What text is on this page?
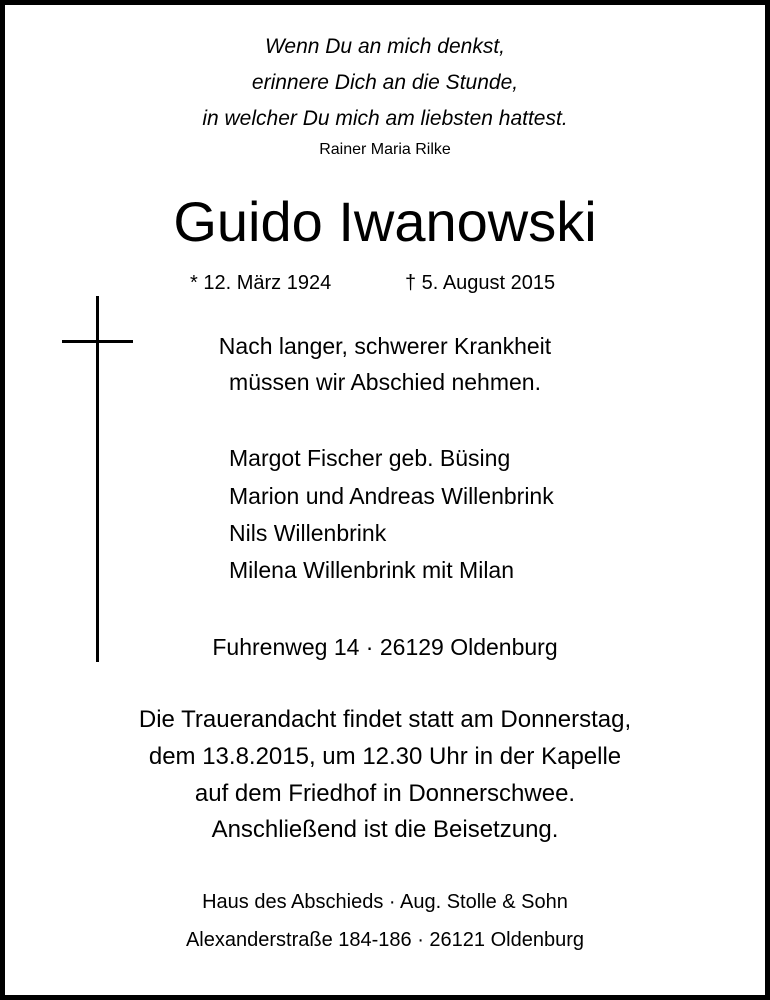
Wenn Du an mich denkst,
erinnere Dich an die Stunde,
in welcher Du mich am liebsten hattest.
Rainer Maria Rilke
Guido Iwanowski
* 12. März 1924	† 5. August 2015
Nach langer, schwerer Krankheit
müssen wir Abschied nehmen.
Margot Fischer geb. Büsing
Marion und Andreas Willenbrink
Nils Willenbrink
Milena Willenbrink mit Milan
Fuhrenweg 14 · 26129 Oldenburg
Die Trauerandacht findet statt am Donnerstag,
dem 13.8.2015, um 12.30 Uhr in der Kapelle
auf dem Friedhof in Donnerschwee.
Anschließend ist die Beisetzung.
Haus des Abschieds · Aug. Stolle & Sohn
Alexanderstraße 184-186 · 26121 Oldenburg
